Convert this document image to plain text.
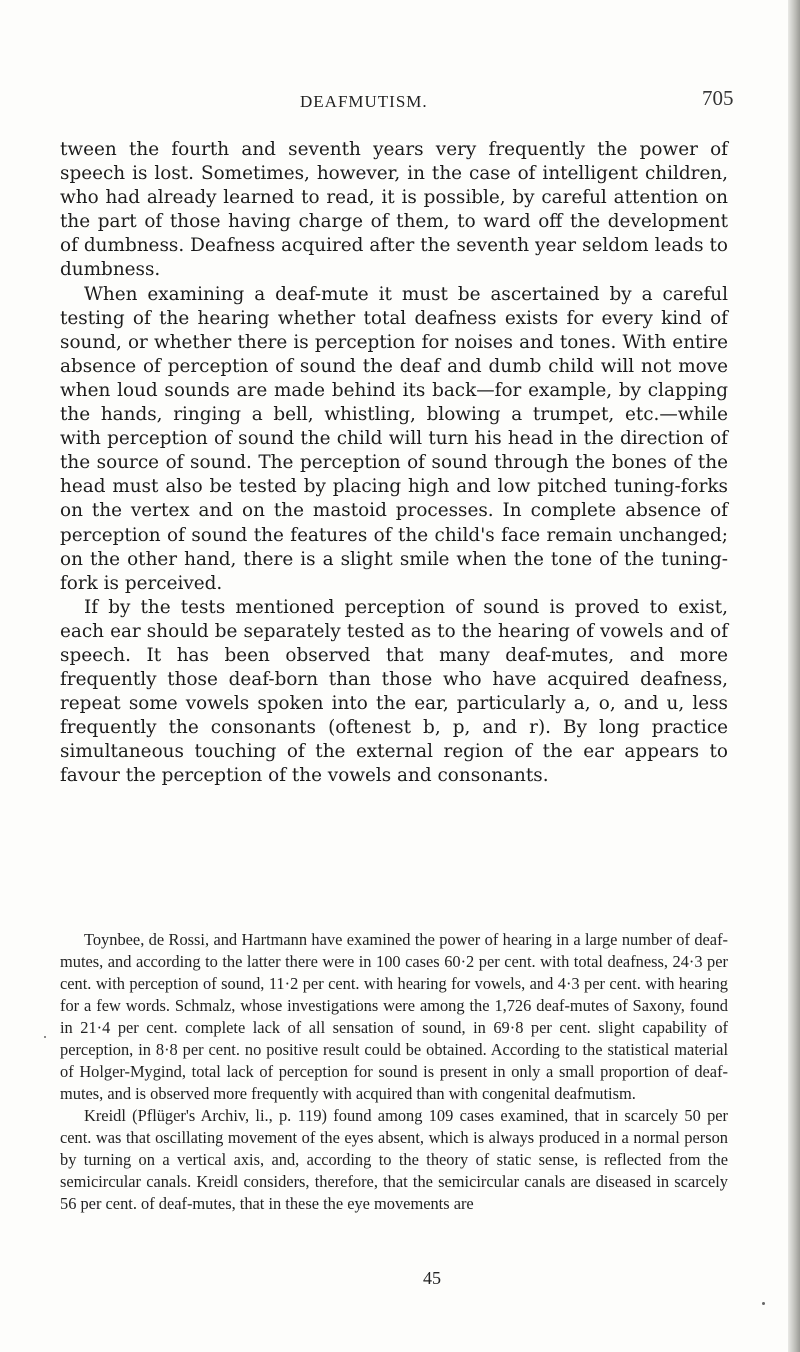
DEAFMUTISM.	705

tween the fourth and seventh years very frequently the power of speech is lost. Sometimes, however, in the case of intelligent children, who had already learned to read, it is possible, by careful attention on the part of those having charge of them, to ward off the development of dumbness. Deafness acquired after the seventh year seldom leads to dumbness.

When examining a deaf-mute it must be ascertained by a careful testing of the hearing whether total deafness exists for every kind of sound, or whether there is perception for noises and tones. With entire absence of perception of sound the deaf and dumb child will not move when loud sounds are made behind its back—for example, by clapping the hands, ringing a bell, whistling, blowing a trumpet, etc.—while with perception of sound the child will turn his head in the direction of the source of sound. The perception of sound through the bones of the head must also be tested by placing high and low pitched tuning-forks on the vertex and on the mastoid processes. In complete absence of perception of sound the features of the child's face remain unchanged; on the other hand, there is a slight smile when the tone of the tuning-fork is perceived.

If by the tests mentioned perception of sound is proved to exist, each ear should be separately tested as to the hearing of vowels and of speech. It has been observed that many deaf-mutes, and more frequently those deaf-born than those who have acquired deafness, repeat some vowels spoken into the ear, particularly a, o, and u, less frequently the consonants (oftenest b, p, and r). By long practice simultaneous touching of the external region of the ear appears to favour the perception of the vowels and consonants.

Toynbee, de Rossi, and Hartmann have examined the power of hearing in a large number of deaf-mutes, and according to the latter there were in 100 cases 60·2 per cent. with total deafness, 24·3 per cent. with perception of sound, 11·2 per cent. with hearing for vowels, and 4·3 per cent. with hearing for a few words. Schmalz, whose investigations were among the 1,726 deaf-mutes of Saxony, found in 21·4 per cent. complete lack of all sensation of sound, in 69·8 per cent. slight capability of perception, in 8·8 per cent. no positive result could be obtained. According to the statistical material of Holger-Mygind, total lack of perception for sound is present in only a small proportion of deaf-mutes, and is observed more frequently with acquired than with congenital deafmutism.

Kreidl (Pflüger's Archiv, li., p. 119) found among 109 cases examined, that in scarcely 50 per cent. was that oscillating movement of the eyes absent, which is always produced in a normal person by turning on a vertical axis, and, according to the theory of static sense, is reflected from the semicircular canals. Kreidl considers, therefore, that the semicircular canals are diseased in scarcely 56 per cent. of deaf-mutes, that in these the eye movements are

45
